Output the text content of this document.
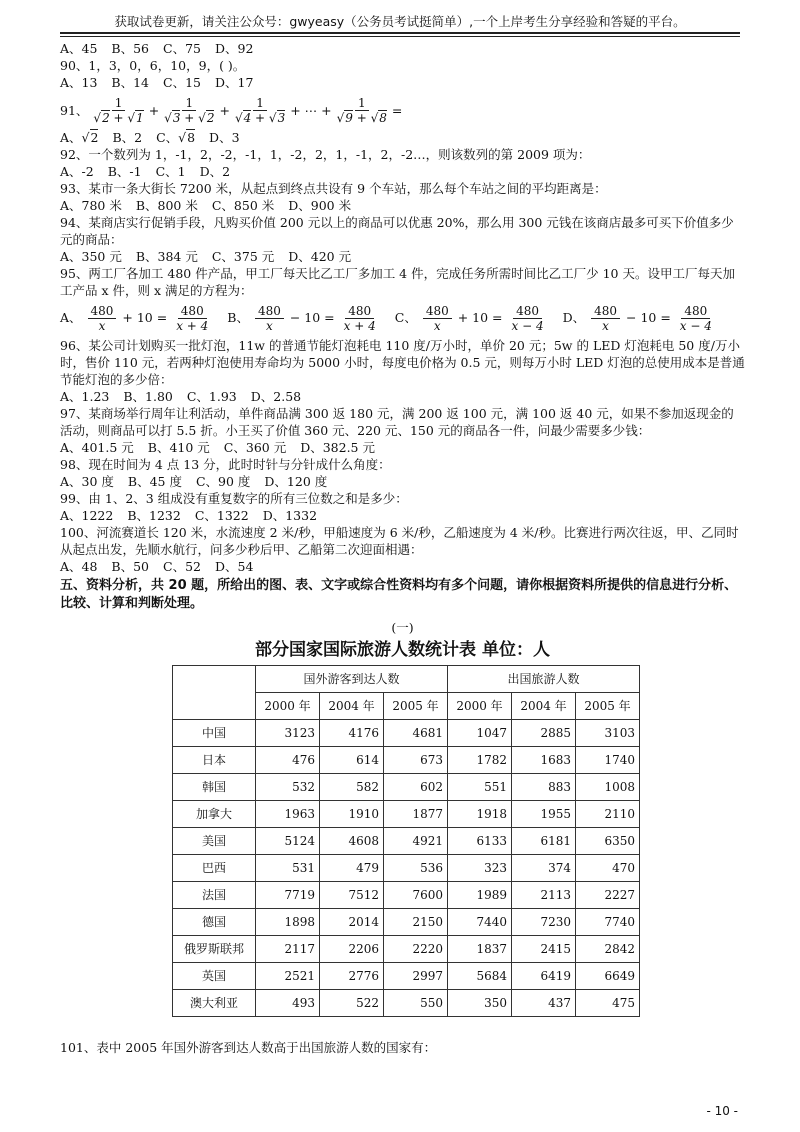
获取试卷更新，请关注公众号：gwyeasy（公务员考试挺简单）,一个上岸考生分享经验和答疑的平台。
A、45 B、56 C、75 D、92
90、1，3，0，6，10，9，( )。
A、13 B、14 C、15 D、17
91、 $\frac{1}{√2 + √1} + \frac{1}{√3 + √2} + \frac{1}{√4 + √3}$ + ⋯ + $\frac{1}{√9 + √8}$ =
A、√2 B、2 C、√8 D、3
92、一个数列为 1，-1，2，-2，-1，1，-2，2，1，-1，2，-2…，则该数列的第 2009 项为：
A、-2 B、-1 C、1 D、2
93、某市一条大街长 7200 米，从起点到终点共设有 9 个车站，那么每个车站之间的平均距离是：
A、780 米 B、800 米 C、850 米 D、900 米
94、某商店实行促销手段，凡购买价值 200 元以上的商品可以优惠 20%，那么用 300 元钱在该商店最多可买下价值多少元的商品：
A、350 元 B、384 元 C、375 元 D、420 元
95、两工厂各加工 480 件产品，甲工厂每天比乙工厂多加工 4 件，完成任务所需时间比乙工厂少 10 天。设甲工厂每天加工产品 x 件，则 x 满足的方程为：
A、 $\frac{480}{x} + 10 = \frac{480}{x + 4}$ B、 $\frac{480}{x} - 10 = \frac{480}{x + 4}$ C、 $\frac{480}{x} + 10 = \frac{480}{x - 4}$ D、 $\frac{480}{x} - 10 = \frac{480}{x - 4}$
96、某公司计划购买一批灯泡，11w 的普通节能灯泡耗电 110 度/万小时，单价 20 元；5w 的 LED 灯泡耗电 50 度/万小时，售价 110 元，若两种灯泡使用寿命均为 5000 小时，每度电价格为 0.5 元，则每万小时 LED 灯泡的总使用成本是普通节能灯泡的多少倍：
A、1.23 B、1.80 C、1.93 D、2.58
97、某商场举行周年让利活动，单件商品满 300 返 180 元，满 200 返 100 元，满 100 返 40 元，如果不参加返现金的活动，则商品可以打 5.5 折。小王买了价值 360 元、220 元、150 元的商品各一件，问最少需要多少钱：
A、401.5 元 B、410 元 C、360 元 D、382.5 元
98、现在时间为 4 点 13 分，此时时针与分针成什么角度：
A、30 度 B、45 度 C、90 度 D、120 度
99、由 1、2、3 组成没有重复数字的所有三位数之和是多少：
A、1222 B、1232 C、1322 D、1332
100、河流赛道长 120 米，水流速度 2 米/秒，甲船速度为 6 米/秒，乙船速度为 4 米/秒。比赛进行两次往返，甲、乙同时从起点出发，先顺水航行，问多少秒后甲、乙船第二次迎面相遇：
A、48 B、50 C、52 D、54
五、资料分析，共 20 题，所给出的图、表、文字或综合性资料均有多个问题，请你根据资料所提供的信息进行分析、比较、计算和判断处理。
(一)
部分国家国际旅游人数统计表 单位：人
	国外游客到达人数			出国旅游人数		
	2000 年	2004 年	2005 年	2000 年	2004 年	2005 年
中国	3123	4176	4681	1047	2885	3103
日本	476	614	673	1782	1683	1740
韩国	532	582	602	551	883	1008
加拿大	1963	1910	1877	1918	1955	2110
美国	5124	4608	4921	6133	6181	6350
巴西	531	479	536	323	374	470
法国	7719	7512	7600	1989	2113	2227
德国	1898	2014	2150	7440	7230	7740
俄罗斯联邦	2117	2206	2220	1837	2415	2842
英国	2521	2776	2997	5684	6419	6649
澳大利亚	493	522	550	350	437	475
101、表中 2005 年国外游客到达人数高于出国旅游人数的国家有：
- 10 -
